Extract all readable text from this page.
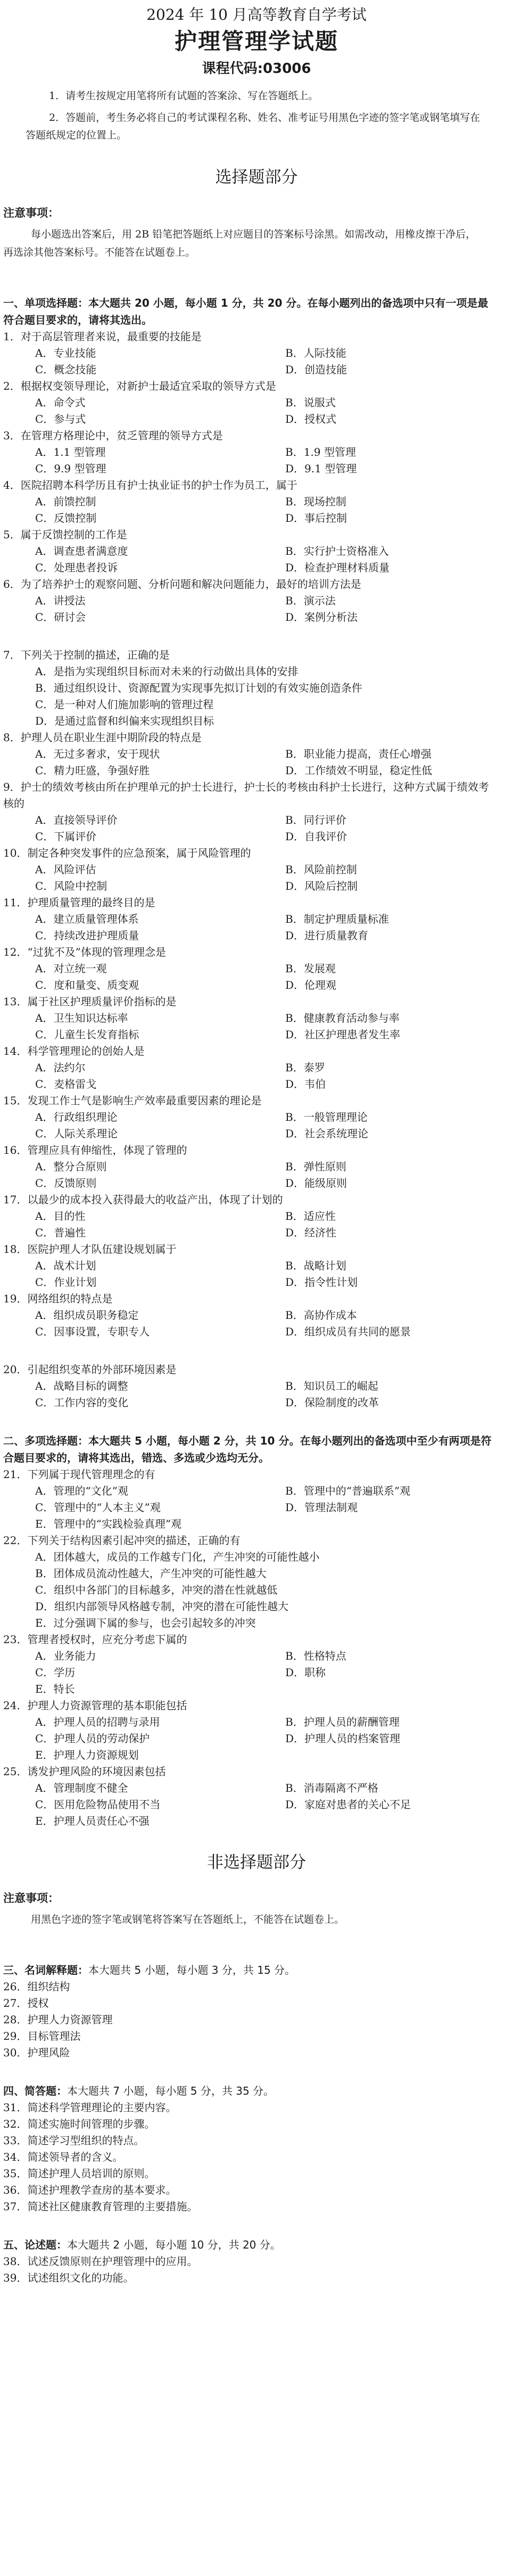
2024 年 10 月高等教育自学考试
护理管理学试题
课程代码:03006

1．请考生按规定用笔将所有试题的答案涂、写在答题纸上。

2．答题前，考生务必将自己的考试课程名称、姓名、准考证号用黑色字迹的签字笔或钢笔填写在答题纸规定的位置上。

选择题部分
注意事项：
每小题选出答案后，用 2B 铅笔把答题纸上对应题目的答案标号涂黑。如需改动，用橡皮擦干净后，再选涂其他答案标号。不能答在试题卷上。
一、单项选择题：本大题共 20 小题，每小题 1 分，共 20 分。在每小题列出的备选项中只有一项是最符合题目要求的，请将其选出。
1．对于高层管理者来说，最重要的技能是
A．专业技能	B．人际技能
C．概念技能	D．创造技能
2．根据权变领导理论，对新护士最适宜采取的领导方式是
A．命令式	B．说服式
C．参与式	D．授权式
3．在管理方格理论中，贫乏管理的领导方式是
A．1.1 型管理	B．1.9 型管理
C．9.9 型管理	D．9.1 型管理
4．医院招聘本科学历且有护士执业证书的护士作为员工，属于
A．前馈控制	B．现场控制
C．反馈控制	D．事后控制
5．属于反馈控制的工作是
A．调查患者满意度	B．实行护士资格准入
C．处理患者投诉	D．检查护理材料质量
6．为了培养护士的观察问题、分析问题和解决问题能力，最好的培训方法是
A．讲授法	B．演示法
C．研讨会	D．案例分析法
7．下列关于控制的描述，正确的是
A．是指为实现组织目标而对未来的行动做出具体的安排
B．通过组织设计、资源配置为实现事先拟订计划的有效实施创造条件
C．是一种对人们施加影响的管理过程
D．是通过监督和纠偏来实现组织目标
8．护理人员在职业生涯中期阶段的特点是
A．无过多奢求，安于现状	B．职业能力提高，责任心增强
C．精力旺盛，争强好胜	D．工作绩效不明显，稳定性低
9．护士的绩效考核由所在护理单元的护士长进行，护士长的考核由科护士长进行，这种方式属于绩效考核的
A．直接领导评价	B．同行评价
C．下属评价	D．自我评价
10．制定各种突发事件的应急预案，属于风险管理的
A．风险评估	B．风险前控制
C．风险中控制	D．风险后控制
11．护理质量管理的最终目的是
A．建立质量管理体系	B．制定护理质量标准
C．持续改进护理质量	D．进行质量教育
12．“过犹不及”体现的管理理念是
A．对立统一观	B．发展观
C．度和量变、质变观	D．伦理观
13．属于社区护理质量评价指标的是
A．卫生知识达标率	B．健康教育活动参与率
C．儿童生长发育指标	D．社区护理患者发生率
14．科学管理理论的创始人是
A．法约尔	B．泰罗
C．麦格雷戈	D．韦伯
15．发现工作士气是影响生产效率最重要因素的理论是
A．行政组织理论	B．一般管理理论
C．人际关系理论	D．社会系统理论
16．管理应具有伸缩性，体现了管理的
A．整分合原则	B．弹性原则
C．反馈原则	D．能级原则
17．以最少的成本投入获得最大的收益产出，体现了计划的
A．目的性	B．适应性
C．普遍性	D．经济性
18．医院护理人才队伍建设规划属于
A．战术计划	B．战略计划
C．作业计划	D．指令性计划
19．网络组织的特点是
A．组织成员职务稳定	B．高协作成本
C．因事设置，专职专人	D．组织成员有共同的愿景
20．引起组织变革的外部环境因素是
A．战略目标的调整	B．知识员工的崛起
C．工作内容的变化	D．保险制度的改革
二、多项选择题：本大题共 5 小题，每小题 2 分，共 10 分。在每小题列出的备选项中至少有两项是符合题目要求的，请将其选出，错选、多选或少选均无分。
21．下列属于现代管理理念的有
A．管理的“文化”观	B．管理中的“普遍联系”观
C．管理中的“人本主义”观	D．管理法制观
E．管理中的“实践检验真理”观
22．下列关于结构因素引起冲突的描述，正确的有
A．团体越大，成员的工作越专门化，产生冲突的可能性越小
B．团体成员流动性越大，产生冲突的可能性越大
C．组织中各部门的目标越多，冲突的潜在性就越低
D．组织内部领导风格越专制，冲突的潜在可能性越大
E．过分强调下属的参与，也会引起较多的冲突
23．管理者授权时，应充分考虑下属的
A．业务能力	B．性格特点
C．学历	D．职称
E．特长
24．护理人力资源管理的基本职能包括
A．护理人员的招聘与录用	B．护理人员的薪酬管理
C．护理人员的劳动保护	D．护理人员的档案管理
E．护理人力资源规划
25．诱发护理风险的环境因素包括
A．管理制度不健全	B．消毒隔离不严格
C．医用危险物品使用不当	D．家庭对患者的关心不足
E．护理人员责任心不强
非选择题部分
注意事项：
用黑色字迹的签字笔或钢笔将答案写在答题纸上，不能答在试题卷上。
三、名词解释题：本大题共 5 小题，每小题 3 分，共 15 分。
26．组织结构
27．授权
28．护理人力资源管理
29．目标管理法
30．护理风险
四、简答题：本大题共 7 小题，每小题 5 分，共 35 分。
31．简述科学管理理论的主要内容。
32．简述实施时间管理的步骤。
33．简述学习型组织的特点。
34．简述领导者的含义。
35．简述护理人员培训的原则。
36．简述护理教学查房的基本要求。
37．简述社区健康教育管理的主要措施。
五、论述题：本大题共 2 小题，每小题 10 分，共 20 分。
38．试述反馈原则在护理管理中的应用。
39．试述组织文化的功能。
